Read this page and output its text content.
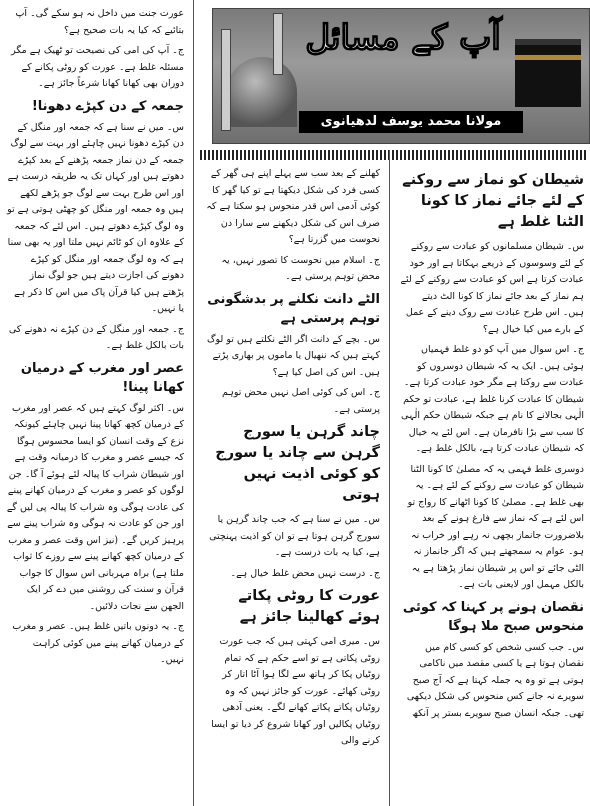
آپ کے مسائل
مولانا محمد یوسف لدھیانوی

عورت جنت میں داخل نہ ہو سکے گی۔ آپ بتائیے کہ کیا یہ بات صحیح ہے؟

ج۔ آپ کی امی کی نصیحت تو ٹھیک ہے مگر مسئلہ غلط ہے۔ عورت کو روٹی پکانے کے دوران بھی کھانا کھانا شرعاً جائز ہے۔

جمعہ کے دن کپڑے دھونا!

س۔ میں نے سنا ہے کہ جمعہ اور منگل کے دن کپڑے دھونا نہیں چاہئے اور بہت سے لوگ جمعہ کے دن نماز جمعہ پڑھنے کے بعد کپڑے دھوتے ہیں اور کہاں تک یہ طریقہ درست ہے اور اس طرح بہت سے لوگ جو پڑھے لکھے ہیں وہ جمعہ اور منگل کو چھٹی ہوتی ہے تو وہ لوگ کپڑے دھوتے ہیں۔ اس لئے کہ جمعہ کے علاوہ ان کو ٹائم نہیں ملتا اور یہ بھی سنا ہے کہ وہ لوگ جمعہ اور منگل کو کپڑے دھونے کی اجازت دیتے ہیں جو لوگ نماز پڑھتے ہیں کیا قرآن پاک میں اس کا ذکر ہے یا نہیں۔

ج۔ جمعہ اور منگل کے دن کپڑے نہ دھونے کی بات بالکل غلط ہے۔

عصر اور مغرب کے درمیان کھانا پینا!

س۔ اکثر لوگ کہتے ہیں کہ عصر اور مغرب کے درمیان کچھ کھانا پینا نہیں چاہئے کیونکہ نزع کے وقت انسان کو ایسا محسوس ہوگا کہ جیسے عصر و مغرب کا درمیانہ وقت ہے اور شیطان شراب کا پیالہ لئے ہوئے آ گا۔ جن لوگوں کو عصر و مغرب کے درمیان کھانے پینے کی عادت ہوگی وہ شراب کا پیالہ پی لیں گے اور جن کو عادت نہ ہوگی وہ شراب پینے سے پرہیز کریں گے۔ (نیز اس وقت عصر و مغرب کے درمیان کچھ کھانے پینے سے روزے کا ثواب ملتا ہے) براہ مہربانی اس سوال کا جواب قرآن و سنت کی روشنی میں دے کر ایک الجھن سے نجات دلائیں۔

ج۔ یہ دونوں باتیں غلط ہیں۔ عصر و مغرب کے درمیان کھانے پینے میں کوئی کراہت نہیں۔

کھلنے کے بعد سب سے پہلے اپنے ہی گھر کے کسی فرد کی شکل دیکھتا ہے تو کیا گھر کا کوئی آدمی اس قدر منحوس ہو سکتا ہے کہ صرف اس کی شکل دیکھنے سے سارا دن نحوست میں گزرتا ہے؟

ج۔ اسلام میں نحوست کا تصور نہیں، یہ محض توہم پرستی ہے۔

الٹے دانت نکلنے پر بدشگونی توہم پرستی ہے

س۔ بچے کے دانت اگر الٹے نکلتے ہیں تو لوگ کہتے ہیں کہ ننھیال یا ماموں پر بھاری پڑتے ہیں۔ اس کی اصل کیا ہے؟

ج۔ اس کی کوئی اصل نہیں محض توہم پرستی ہے۔

چاند گرہن یا سورج گرہن سے چاند یا سورج کو کوئی اذیت نہیں ہوتی

س۔ میں نے سنا ہے کہ جب چاند گرہن یا سورج گرہن ہوتا ہے تو ان کو اذیت پہنچتی ہے، کیا یہ بات درست ہے۔

ج۔ درست نہیں محض غلط خیال ہے۔

عورت کا روٹی پکاتے ہوئے کھالینا جائز ہے

س۔ میری امی کہتی ہیں کہ جب عورت روٹی پکاتی ہے تو اسے حکم ہے کہ تمام روٹیاں پکا کر ہاتھ سے لگا ہوا آٹا اتار کر روٹی کھائے۔ عورت کو جائز نہیں کہ وہ روٹیاں پکاتے پکاتے کھانے لگے۔ یعنی آدھی روٹیاں پکالیں اور کھانا شروع کر دیا تو ایسا کرنے والی

شیطان کو نماز سے روکنے کے لئے جائے نماز کا کونا الٹنا غلط ہے

س۔ شیطان مسلمانوں کو عبادت سے روکنے کے لئے وسوسوں کے ذریعے بہکاتا ہے اور خود عبادت کرتا ہے اس کو عبادت سے روکنے کے لئے ہم نماز کے بعد جائے نماز کا کونا الٹ دیتے ہیں۔ اس طرح عبادت سے روک دینے کے عمل کے بارے میں کیا خیال ہے؟

ج۔ اس سوال میں آپ کو دو غلط فہمیاں ہوئی ہیں۔ ایک یہ کہ شیطان دوسروں کو عبادت سے روکتا ہے مگر خود عبادت کرتا ہے۔ شیطان کا عبادت کرنا غلط ہے، عبادت تو حکم الٰہی بجالانے کا نام ہے جبکہ شیطان حکم الٰہی کا سب سے بڑا نافرمان ہے۔ اس لئے یہ خیال کہ شیطان عبادت کرتا ہے، بالکل غلط ہے۔

دوسری غلط فہمی یہ کہ مصلیٰ کا کونا الٹنا شیطان کو عبادت سے روکنے کے لئے ہے۔ یہ بھی غلط ہے۔ مصلیٰ کا کونا اٹھانے کا رواج تو اس لئے ہے کہ نماز سے فارغ ہونے کے بعد بلاضرورت جانماز بچھی نہ رہے اور خراب نہ ہو۔ عوام یہ سمجھتے ہیں کہ اگر جانماز نہ الٹی جائے تو اس پر شیطان نماز پڑھتا ہے یہ بالکل مہمل اور لایعنی بات ہے۔

نقصان ہونے پر کہنا کہ کوئی منحوس صبح ملا ہوگا

س۔ جب کسی شخص کو کسی کام میں نقصان ہوتا ہے یا کسی مقصد میں ناکامی ہوتی ہے تو وہ یہ جملہ کہتا ہے کہ آج صبح سویرے نہ جانے کس منحوس کی شکل دیکھی تھی۔ جبکہ انسان صبح سویرے بستر پر آنکھ
